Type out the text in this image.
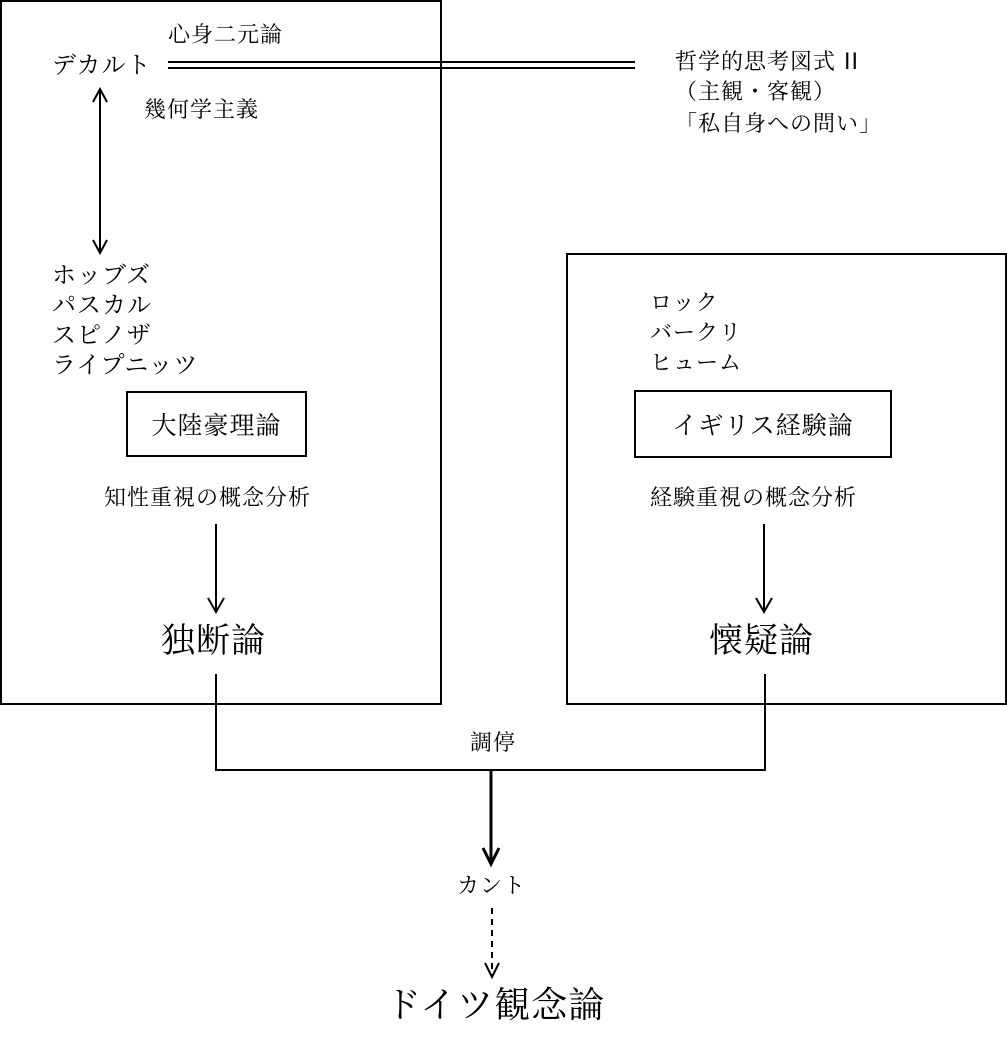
デカルト
心身二元論
幾何学主義
ホッブズ
パスカル
スピノザ
ライプニッツ
大陸豪理論
知性重視の概念分析
独断論
哲学的思考図式 II
（主観・客観）
「私自身への問い」
ロック
バークリ
ヒューム
イギリス経験論
経験重視の概念分析
懐疑論
調停
カント
ドイツ観念論
